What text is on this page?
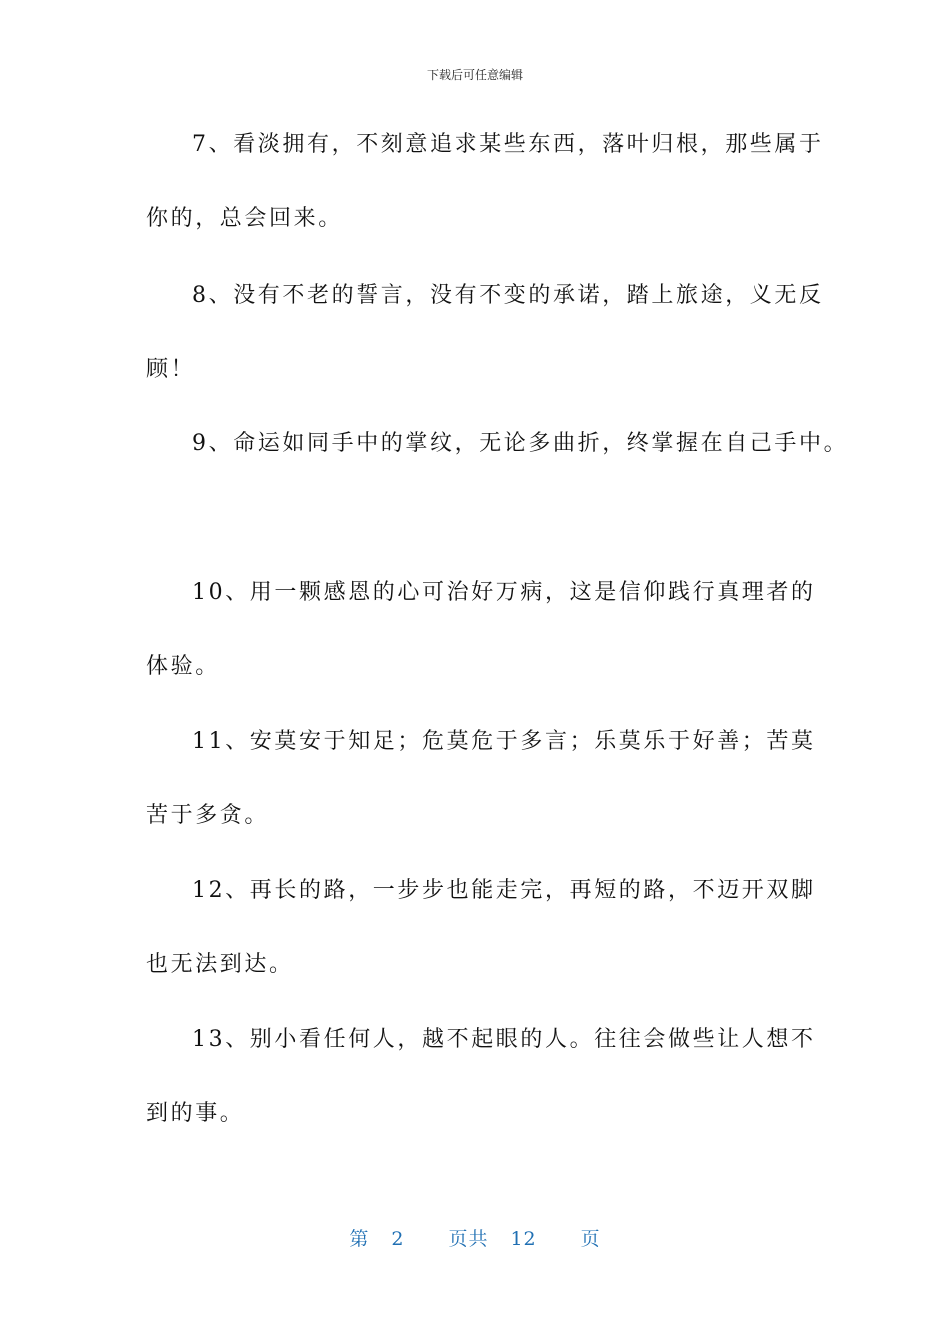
下载后可任意编辑
7、看淡拥有，不刻意追求某些东西，落叶归根，那些属于
你的，总会回来。
8、没有不老的誓言，没有不变的承诺，踏上旅途，义无反
顾！
9、命运如同手中的掌纹，无论多曲折，终掌握在自己手中。
10、用一颗感恩的心可治好万病，这是信仰践行真理者的
体验。
11、安莫安于知足；危莫危于多言；乐莫乐于好善；苦莫
苦于多贪。
12、再长的路，一步步也能走完，再短的路，不迈开双脚
也无法到达。
13、别小看任何人，越不起眼的人。往往会做些让人想不
到的事。
第 2 页共 12 页
